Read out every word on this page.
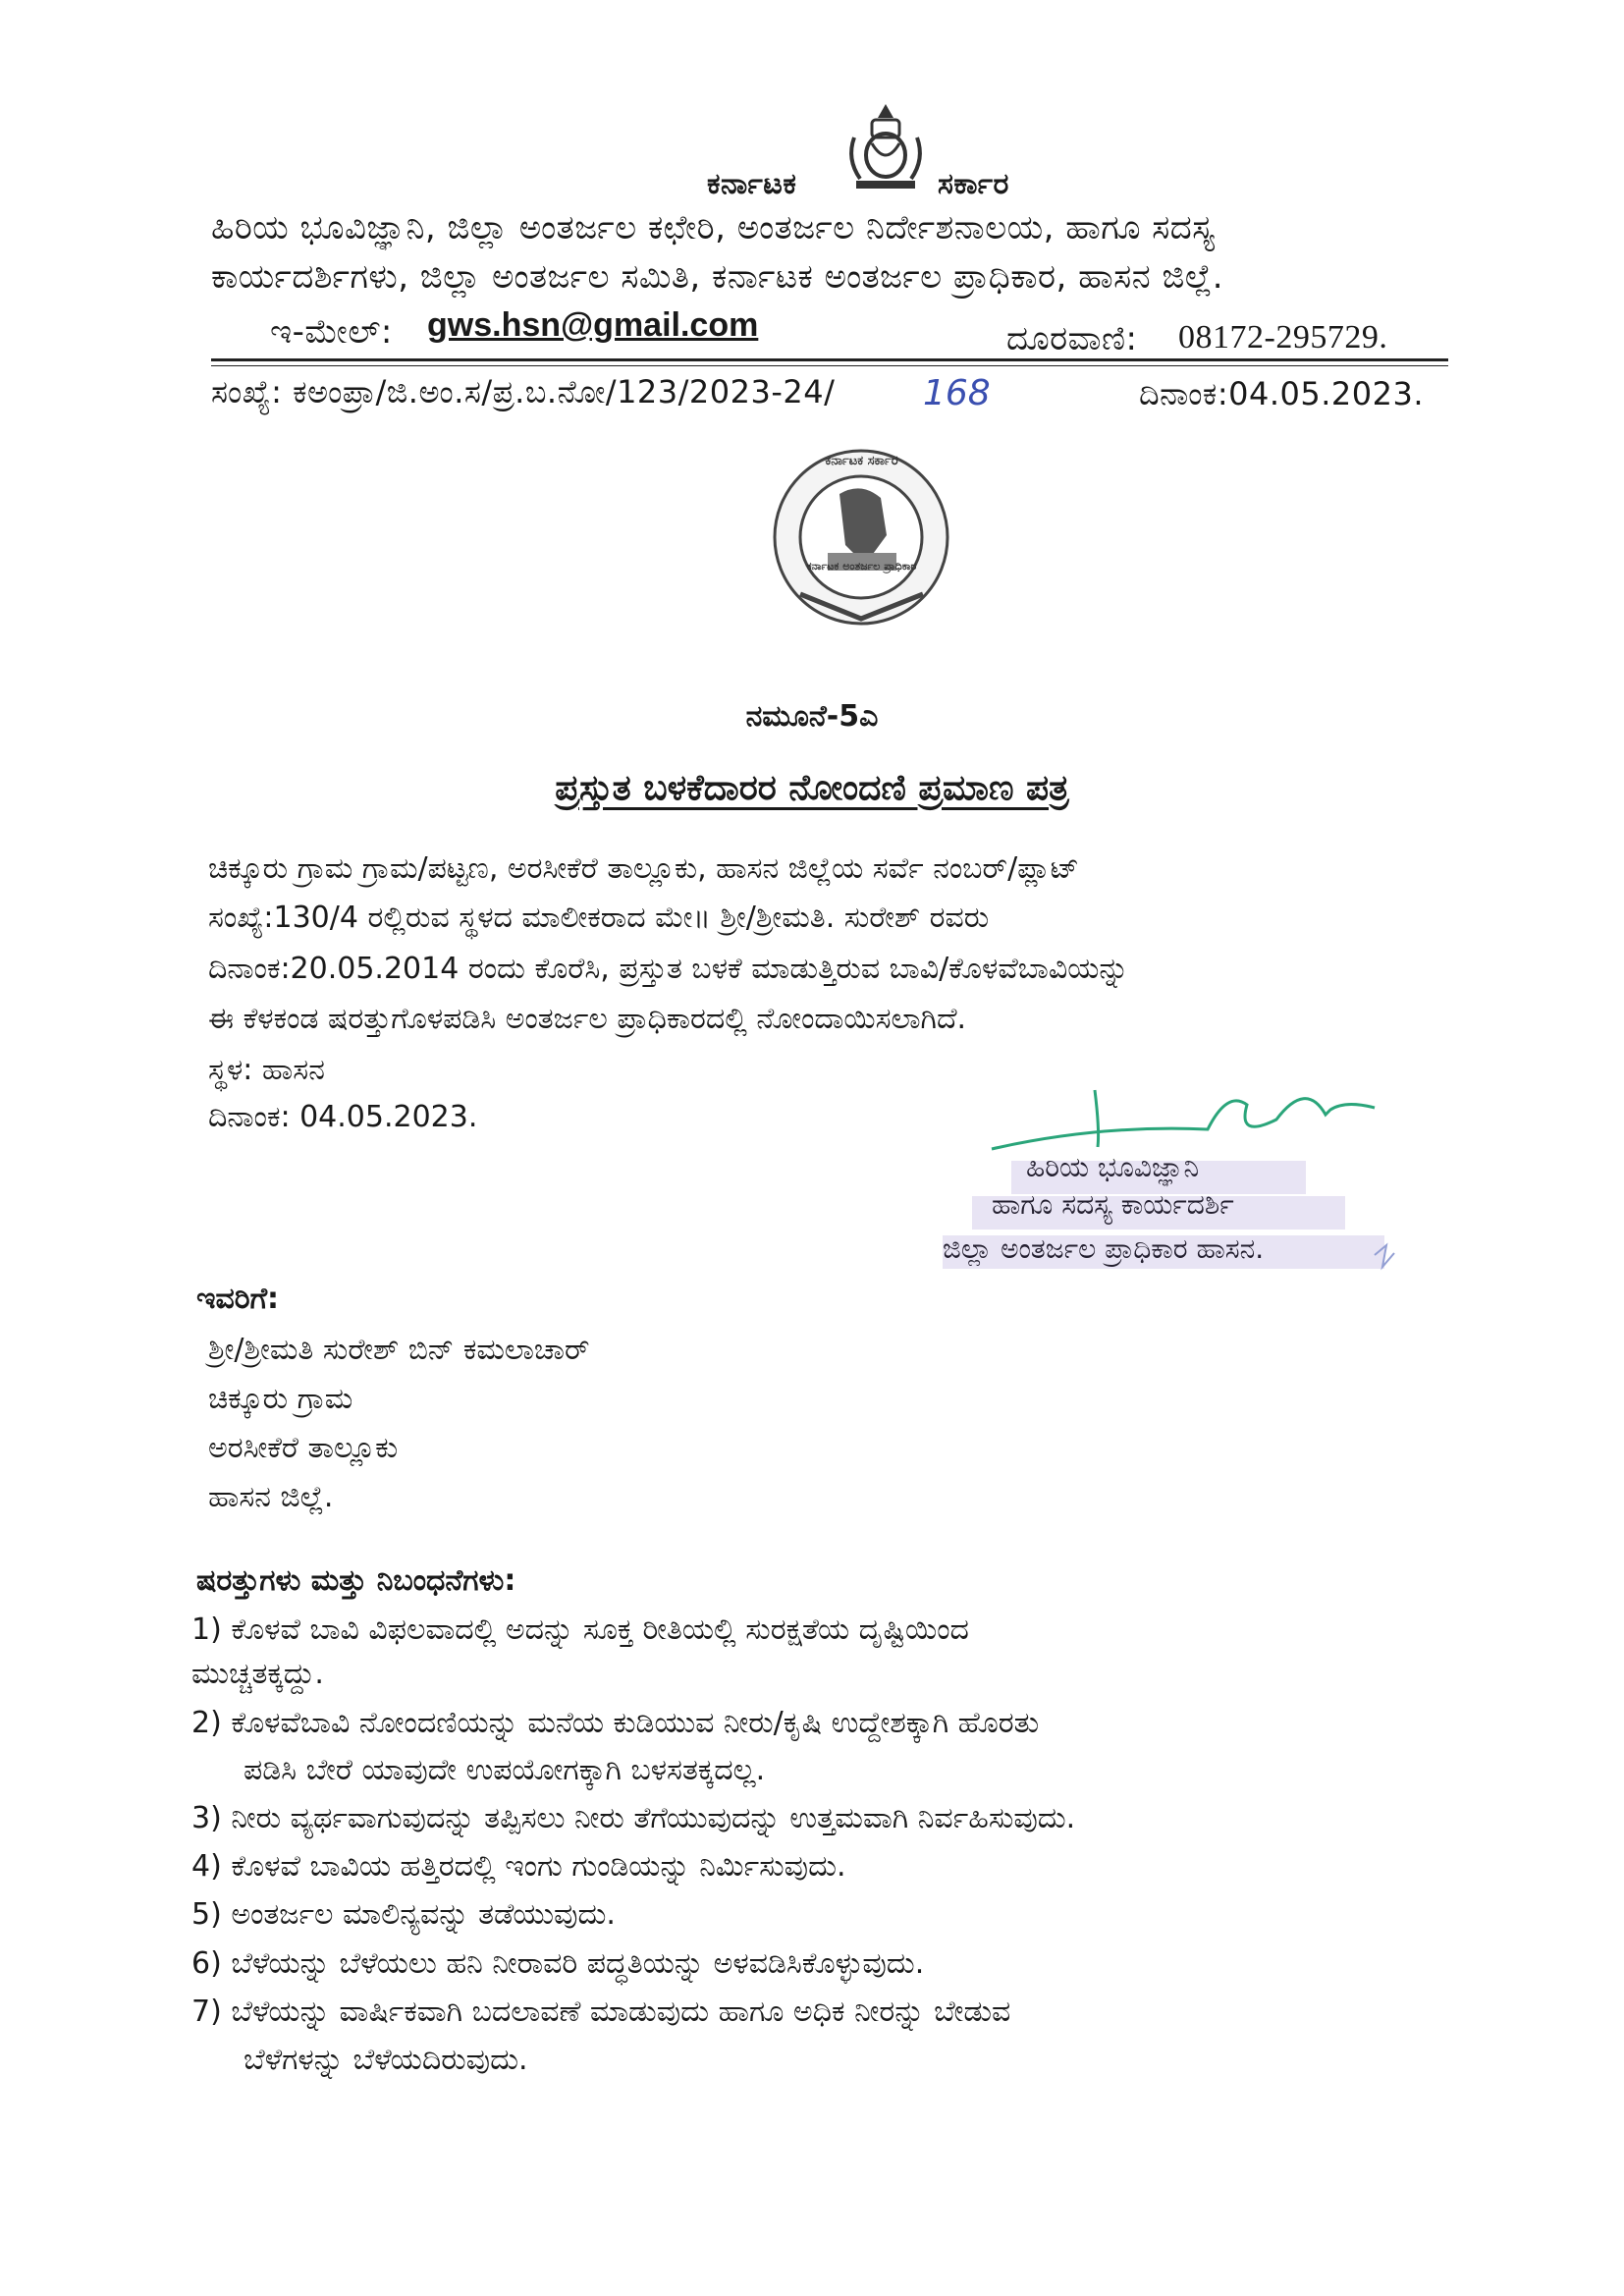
ಕರ್ನಾಟಕ	ಸರ್ಕಾರ
ಹಿರಿಯ ಭೂವಿಜ್ಞಾನಿ, ಜಿಲ್ಲಾ ಅಂತರ್ಜಲ ಕಛೇರಿ, ಅಂತರ್ಜಲ ನಿರ್ದೇಶನಾಲಯ, ಹಾಗೂ ಸದಸ್ಯ
ಕಾರ್ಯದರ್ಶಿಗಳು, ಜಿಲ್ಲಾ ಅಂತರ್ಜಲ ಸಮಿತಿ, ಕರ್ನಾಟಕ ಅಂತರ್ಜಲ ಪ್ರಾಧಿಕಾರ, ಹಾಸನ ಜಿಲ್ಲೆ.
ಇ-ಮೇಲ್: gws.hsn@gmail.com	ದೂರವಾಣಿ: 08172-295729.
ಸಂಖ್ಯೆ: ಕಅಂಪ್ರಾ/ಜಿ.ಅಂ.ಸ/ಪ್ರ.ಬ.ನೋ/123/2023-24/ 168	ದಿನಾಂಕ:04.05.2023.
ಕರ್ನಾಟಕ ಸರ್ಕಾರ
ಕರ್ನಾಟಕ ಅಂತರ್ಜಲ ಪ್ರಾಧಿಕಾರ
ನಮೂನೆ-5ಎ
ಪ್ರಸ್ತುತ ಬಳಕೆದಾರರ ನೋಂದಣಿ ಪ್ರಮಾಣ ಪತ್ರ
ಚಿಕ್ಕೂರು ಗ್ರಾಮ ಗ್ರಾಮ/ಪಟ್ಟಣ, ಅರಸೀಕೆರೆ ತಾಲ್ಲೂಕು, ಹಾಸನ ಜಿಲ್ಲೆಯ ಸರ್ವೆ ನಂಬರ್/ಪ್ಲಾಟ್
ಸಂಖ್ಯೆ:130/4 ರಲ್ಲಿರುವ ಸ್ಥಳದ ಮಾಲೀಕರಾದ ಮೇ॥ ಶ್ರೀ/ಶ್ರೀಮತಿ. ಸುರೇಶ್ ರವರು
ದಿನಾಂಕ:20.05.2014 ರಂದು ಕೊರೆಸಿ, ಪ್ರಸ್ತುತ ಬಳಕೆ ಮಾಡುತ್ತಿರುವ ಬಾವಿ/ಕೊಳವೆಬಾವಿಯನ್ನು
ಈ ಕೆಳಕಂಡ ಷರತ್ತುಗೊಳಪಡಿಸಿ ಅಂತರ್ಜಲ ಪ್ರಾಧಿಕಾರದಲ್ಲಿ ನೋಂದಾಯಿಸಲಾಗಿದೆ.
ಸ್ಥಳ: ಹಾಸನ
ದಿನಾಂಕ: 04.05.2023.
ಹಿರಿಯ ಭೂವಿಜ್ಞಾನಿ
ಹಾಗೂ ಸದಸ್ಯ ಕಾರ್ಯದರ್ಶಿ
ಜಿಲ್ಲಾ ಅಂತರ್ಜಲ ಪ್ರಾಧಿಕಾರ ಹಾಸನ.
ಇವರಿಗೆ:
ಶ್ರೀ/ಶ್ರೀಮತಿ ಸುರೇಶ್ ಬಿನ್ ಕಮಲಾಚಾರ್
ಚಿಕ್ಕೂರು ಗ್ರಾಮ
ಅರಸೀಕೆರೆ ತಾಲ್ಲೂಕು
ಹಾಸನ ಜಿಲ್ಲೆ.
ಷರತ್ತುಗಳು ಮತ್ತು ನಿಬಂಧನೆಗಳು:
1) ಕೊಳವೆ ಬಾವಿ ವಿಫಲವಾದಲ್ಲಿ ಅದನ್ನು ಸೂಕ್ತ ರೀತಿಯಲ್ಲಿ ಸುರಕ್ಷತೆಯ ದೃಷ್ಟಿಯಿಂದ
ಮುಚ್ಚತಕ್ಕದ್ದು.
2) ಕೊಳವೆಬಾವಿ ನೋಂದಣಿಯನ್ನು ಮನೆಯ ಕುಡಿಯುವ ನೀರು/ಕೃಷಿ ಉದ್ದೇಶಕ್ಕಾಗಿ ಹೊರತು
ಪಡಿಸಿ ಬೇರೆ ಯಾವುದೇ ಉಪಯೋಗಕ್ಕಾಗಿ ಬಳಸತಕ್ಕದಲ್ಲ.
3) ನೀರು ವ್ಯರ್ಥವಾಗುವುದನ್ನು ತಪ್ಪಿಸಲು ನೀರು ತೆಗೆಯುವುದನ್ನು ಉತ್ತಮವಾಗಿ ನಿರ್ವಹಿಸುವುದು.
4) ಕೊಳವೆ ಬಾವಿಯ ಹತ್ತಿರದಲ್ಲಿ ಇಂಗು ಗುಂಡಿಯನ್ನು ನಿರ್ಮಿಸುವುದು.
5) ಅಂತರ್ಜಲ ಮಾಲಿನ್ಯವನ್ನು ತಡೆಯುವುದು.
6) ಬೆಳೆಯನ್ನು ಬೆಳೆಯಲು ಹನಿ ನೀರಾವರಿ ಪದ್ಧತಿಯನ್ನು ಅಳವಡಿಸಿಕೊಳ್ಳುವುದು.
7) ಬೆಳೆಯನ್ನು ವಾರ್ಷಿಕವಾಗಿ ಬದಲಾವಣೆ ಮಾಡುವುದು ಹಾಗೂ ಅಧಿಕ ನೀರನ್ನು ಬೇಡುವ
ಬೆಳೆಗಳನ್ನು ಬೆಳೆಯದಿರುವುದು.
